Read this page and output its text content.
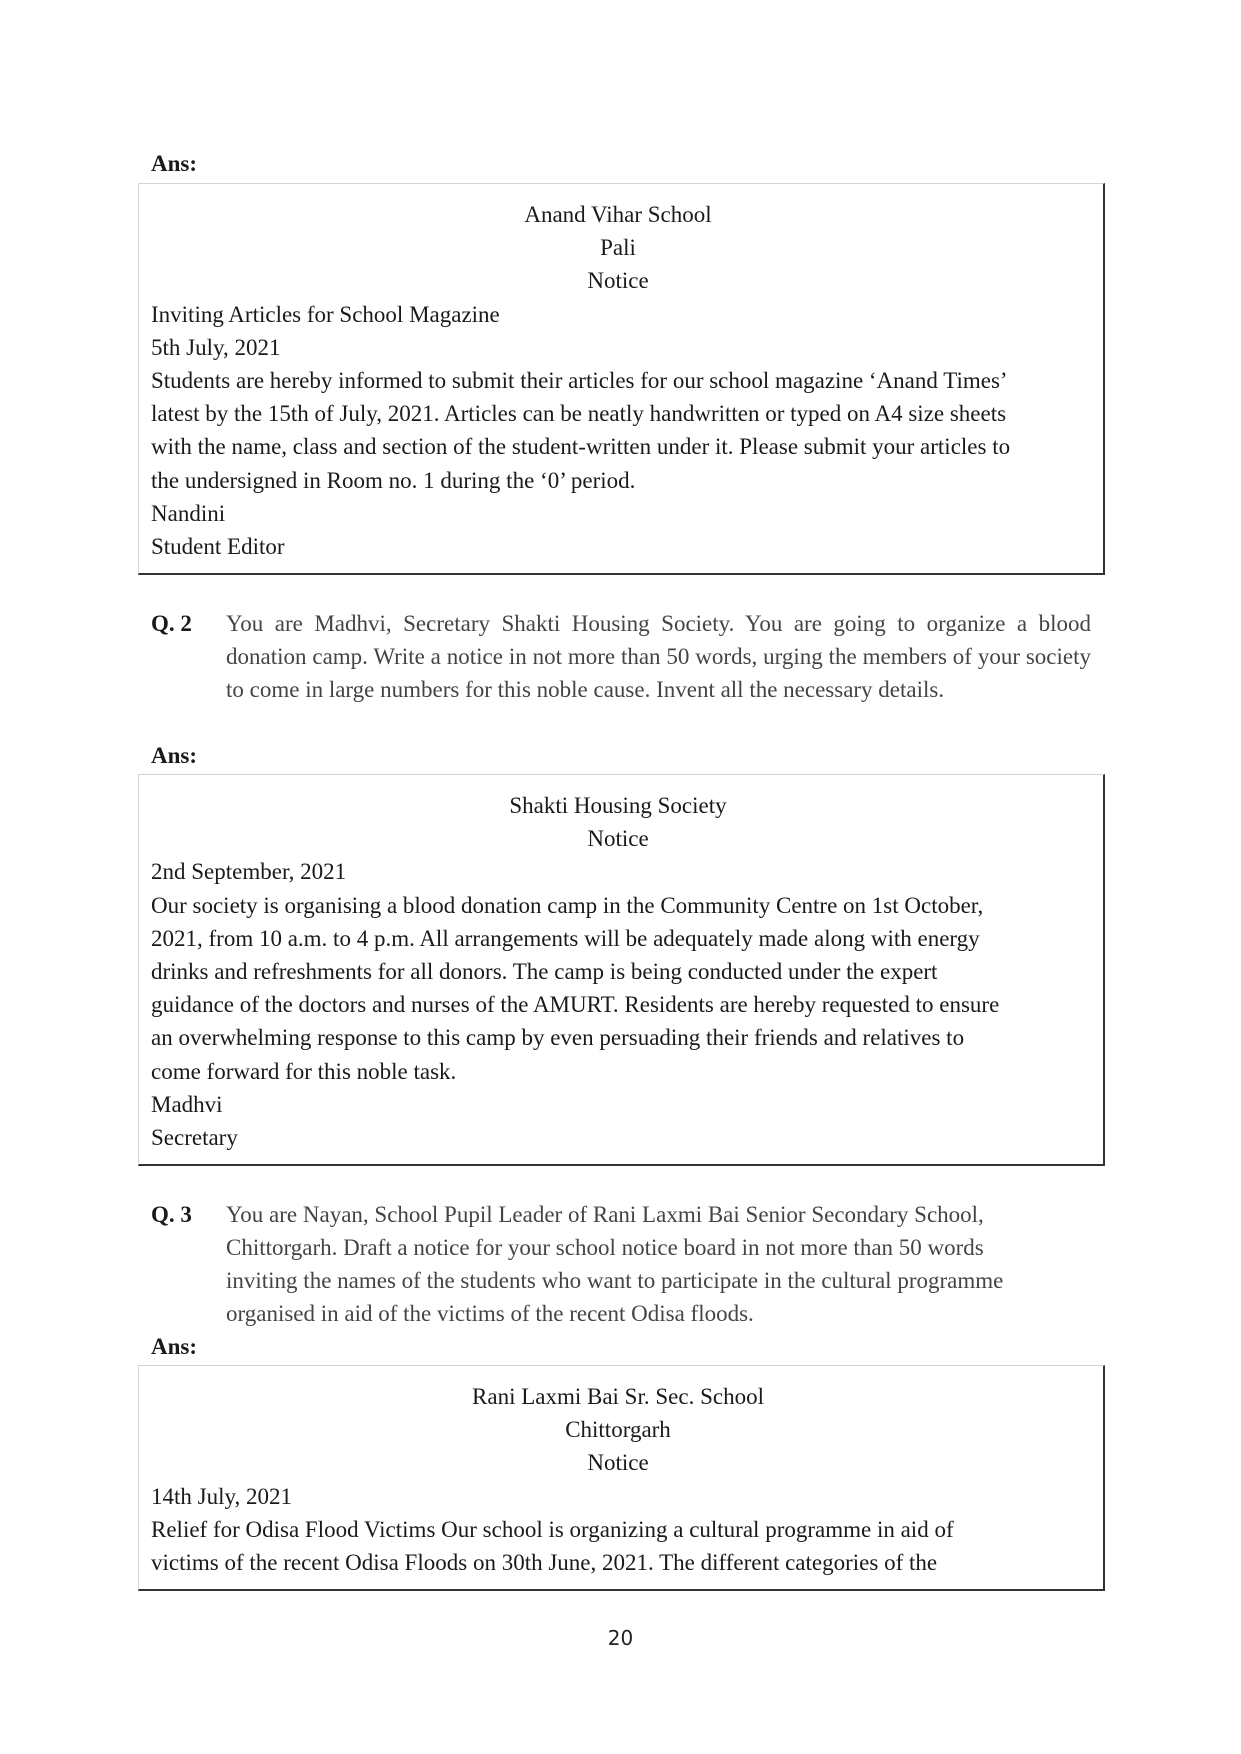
Ans:
Anand Vihar School
Pali
Notice
Inviting Articles for School Magazine
5th July, 2021
Students are hereby informed to submit their articles for our school magazine ‘Anand Times’
latest by the 15th of July, 2021. Articles can be neatly handwritten or typed on A4 size sheets
with the name, class and section of the student-written under it. Please submit your articles to
the undersigned in Room no. 1 during the ‘0’ period.
Nandini
Student Editor
Q. 2 You are Madhvi, Secretary Shakti Housing Society. You are going to organize a blood donation camp. Write a notice in not more than 50 words, urging the members of your society to come in large numbers for this noble cause. Invent all the necessary details.
Ans:
Shakti Housing Society
Notice
2nd September, 2021
Our society is organising a blood donation camp in the Community Centre on 1st October,
2021, from 10 a.m. to 4 p.m. All arrangements will be adequately made along with energy
drinks and refreshments for all donors. The camp is being conducted under the expert
guidance of the doctors and nurses of the AMURT. Residents are hereby requested to ensure
an overwhelming response to this camp by even persuading their friends and relatives to
come forward for this noble task.
Madhvi
Secretary
Q. 3 You are Nayan, School Pupil Leader of Rani Laxmi Bai Senior Secondary School,
Chittorgarh. Draft a notice for your school notice board in not more than 50 words
inviting the names of the students who want to participate in the cultural programme
organised in aid of the victims of the recent Odisa floods.
Ans:
Rani Laxmi Bai Sr. Sec. School
Chittorgarh
Notice
14th July, 2021
Relief for Odisa Flood Victims Our school is organizing a cultural programme in aid of
victims of the recent Odisa Floods on 30th June, 2021. The different categories of the
20
